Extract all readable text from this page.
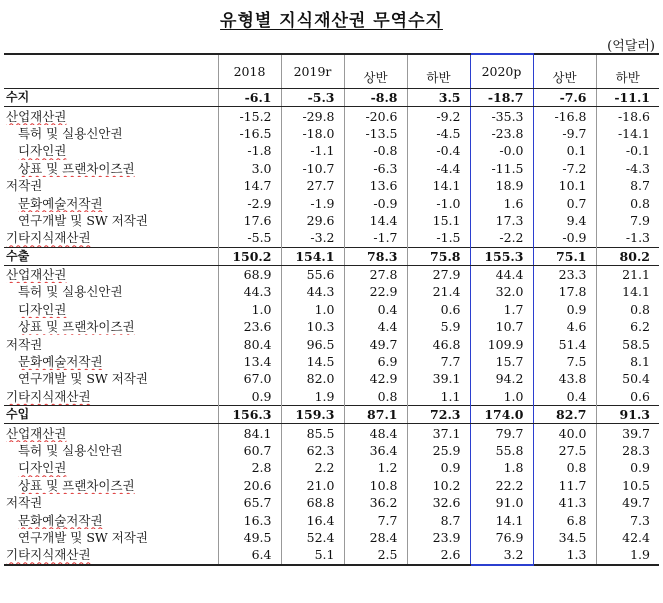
유형별 지식재산권 무역수지
(억달러)
	2018	2019r	상반	하반	2020p	상반	하반
수지	-6.1	-5.3	-8.8	3.5	-18.7	-7.6	-11.1
산업재산권	-15.2	-29.8	-20.6	-9.2	-35.3	-16.8	-18.6
특허 및 실용신안권	-16.5	-18.0	-13.5	-4.5	-23.8	-9.7	-14.1
디자인권	-1.8	-1.1	-0.8	-0.4	-0.0	0.1	-0.1
상표 및 프랜차이즈권	3.0	-10.7	-6.3	-4.4	-11.5	-7.2	-4.3
저작권	14.7	27.7	13.6	14.1	18.9	10.1	8.7
문화예술저작권	-2.9	-1.9	-0.9	-1.0	1.6	0.7	0.8
연구개발 및 SW 저작권	17.6	29.6	14.4	15.1	17.3	9.4	7.9
기타지식재산권	-5.5	-3.2	-1.7	-1.5	-2.2	-0.9	-1.3
수출	150.2	154.1	78.3	75.8	155.3	75.1	80.2
산업재산권	68.9	55.6	27.8	27.9	44.4	23.3	21.1
특허 및 실용신안권	44.3	44.3	22.9	21.4	32.0	17.8	14.1
디자인권	1.0	1.0	0.4	0.6	1.7	0.9	0.8
상표 및 프랜차이즈권	23.6	10.3	4.4	5.9	10.7	4.6	6.2
저작권	80.4	96.5	49.7	46.8	109.9	51.4	58.5
문화예술저작권	13.4	14.5	6.9	7.7	15.7	7.5	8.1
연구개발 및 SW 저작권	67.0	82.0	42.9	39.1	94.2	43.8	50.4
기타지식재산권	0.9	1.9	0.8	1.1	1.0	0.4	0.6
수입	156.3	159.3	87.1	72.3	174.0	82.7	91.3
산업재산권	84.1	85.5	48.4	37.1	79.7	40.0	39.7
특허 및 실용신안권	60.7	62.3	36.4	25.9	55.8	27.5	28.3
디자인권	2.8	2.2	1.2	0.9	1.8	0.8	0.9
상표 및 프랜차이즈권	20.6	21.0	10.8	10.2	22.2	11.7	10.5
저작권	65.7	68.8	36.2	32.6	91.0	41.3	49.7
문화예술저작권	16.3	16.4	7.7	8.7	14.1	6.8	7.3
연구개발 및 SW 저작권	49.5	52.4	28.4	23.9	76.9	34.5	42.4
기타지식재산권	6.4	5.1	2.5	2.6	3.2	1.3	1.9
